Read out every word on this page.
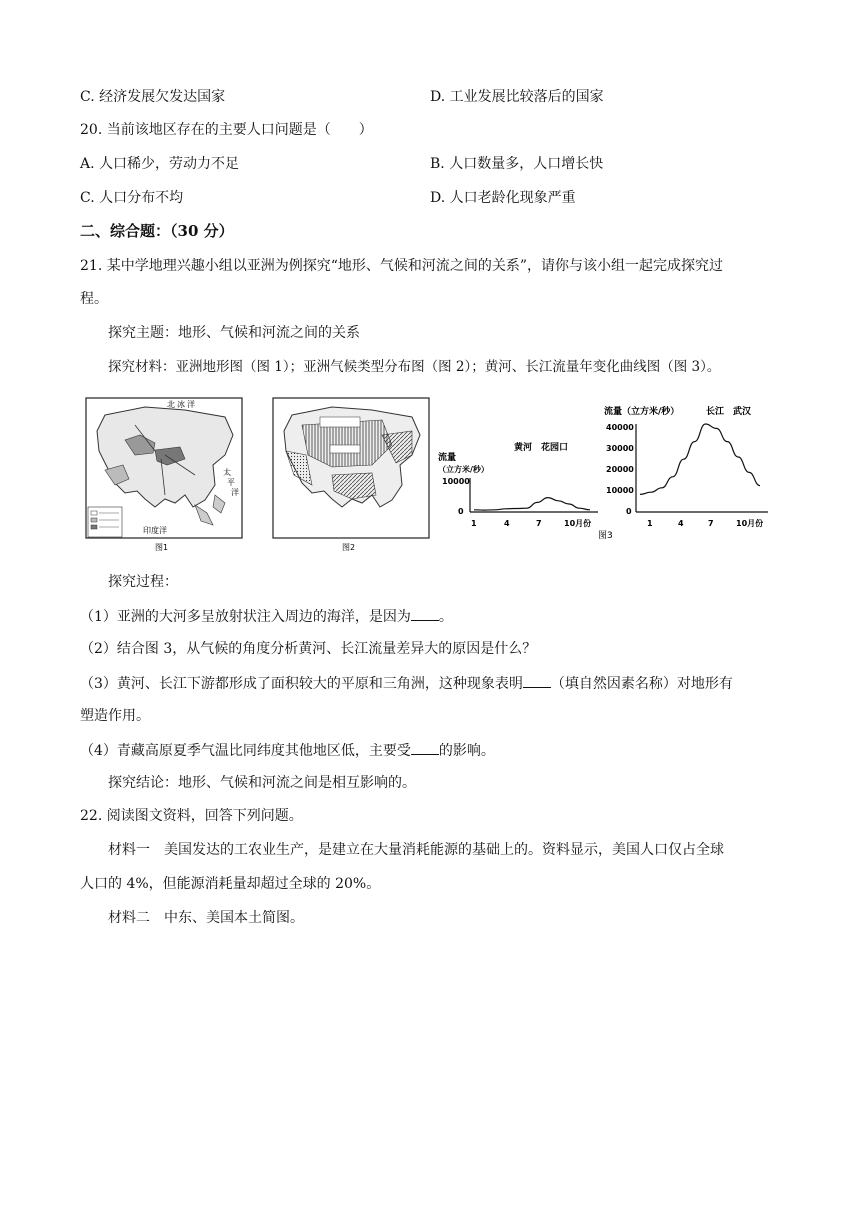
C. 经济发展欠发达国家	D. 工业发展比较落后的国家
20. 当前该地区存在的主要人口问题是（　　）
A. 人口稀少，劳动力不足	B. 人口数量多，人口增长快
C. 人口分布不均	D. 人口老龄化现象严重
二、综合题：（30 分）
21. 某中学地理兴趣小组以亚洲为例探究“地形、气候和河流之间的关系”，请你与该小组一起完成探究过
程。
探究主题：地形、气候和河流之间的关系
探究材料：亚洲地形图（图 1）；亚洲气候类型分布图（图 2）；黄河、长江流量年变化曲线图（图 3）。
北 冰 洋
太
平
洋
印度洋
图1	图2
流量
（立方米/秒）
黄河　花园口
10000
0
1	4	7	10月份
流量（立方米/秒）	长江　武汉
40000
30000
20000
10000
0
1	4	7	10月份
图3
探究过程：
（1）亚洲的大河多呈放射状注入周边的海洋，是因为 。
（2）结合图 3，从气候的角度分析黄河、长江流量差异大的原因是什么？
（3）黄河、长江下游都形成了面积较大的平原和三角洲，这种现象表明 （填自然因素名称）对地形有
塑造作用。
（4）青藏高原夏季气温比同纬度其他地区低，主要受 的影响。
探究结论：地形、气候和河流之间是相互影响的。
22. 阅读图文资料，回答下列问题。
材料一　美国发达的工农业生产，是建立在大量消耗能源的基础上的。资料显示，美国人口仅占全球
人口的 4%，但能源消耗量却超过全球的 20%。
材料二　中东、美国本土简图。
